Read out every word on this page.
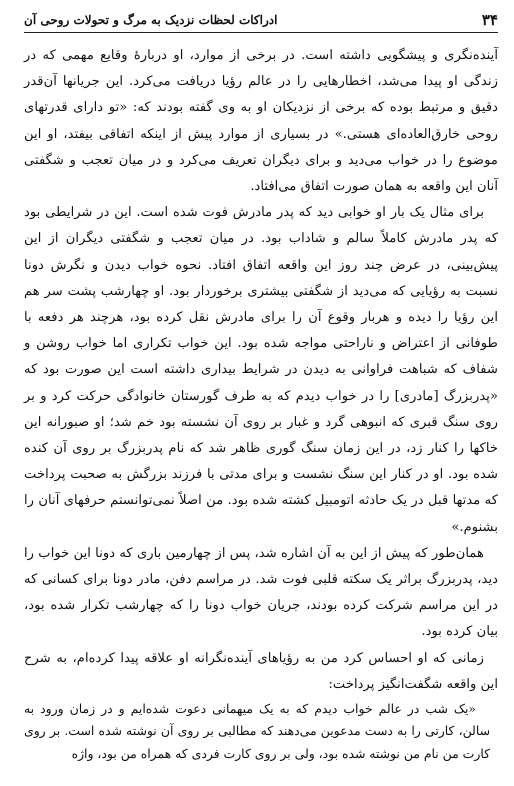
۳۴
ادراکات لحظات نزدیک به مرگ و تحولات روحی آن

آینده‌نگری و پیشگویی داشته است. در برخی از موارد، او دربارهٔ وقایع مهمی که در زندگی او پیدا می‌شد، اخطارهایی را در عالم رؤیا دریافت می‌کرد. این جریانها آن‌قدر دقیق و مرتبط بوده که برخی از نزدیکان او به وی گفته بودند که: «تو دارای قدرتهای روحی خارق‌العاده‌ای هستی.» در بسیاری از موارد پیش از اینکه اتفاقی بیفتد، او این موضوع را در خواب می‌دید و برای دیگران تعریف می‌کرد و در میان تعجب و شگفتی آنان این واقعه به همان صورت اتفاق می‌افتاد.

برای مثال یک بار او خوابی دید که پدر مادرش فوت شده است. این در شرایطی بود که پدر مادرش کاملاً سالم و شاداب بود. در میان تعجب و شگفتی دیگران از این پیش‌بینی، در عرض چند روز این واقعه اتفاق افتاد. نحوه خواب دیدن و نگرش دونا نسبت به رؤیایی که می‌دید از شگفتی بیشتری برخوردار بود. او چهارشب پشت سر هم این رؤیا را دیده و هربار وقوع آن را برای مادرش نقل کرده بود، هرچند هر دفعه با طوفانی از اعتراض و ناراحتی مواجه شده بود. این خواب تکراری اما خواب روشن و شفاف که شباهت فراوانی به دیدن در شرایط بیداری داشته است این صورت بود که «پدربزرگ [مادری] را در خواب دیدم که به طرف گورستان خانوادگی حرکت کرد و بر روی سنگ قبری که انبوهی گرد و غبار بر روی آن نشسته بود خم شد؛ او صبورانه این خاکها را کنار زد، در این زمان سنگ گوری ظاهر شد که نام پدربزرگ بر روی آن کنده شده بود. او در کنار این سنگ نشست و برای مدتی با فرزند بزرگش به صحبت پرداخت که مدتها قبل در یک حادثه اتومبیل کشته شده بود. من اصلاً نمی‌توانستم حرفهای آنان را بشنوم.»

همان‌طور که پیش از این به آن اشاره شد، پس از چهارمین باری که دونا این خواب را دید، پدربزرگ براثر یک سکته قلبی فوت شد. در مراسم دفن، مادر دونا برای کسانی که در این مراسم شرکت کرده بودند، جریان خواب دونا را که چهارشب تکرار شده بود، بیان کرده بود.

زمانی که او احساس کرد من به رؤیاهای آینده‌نگرانه او علاقه پیدا کرده‌ام، به شرح این واقعه شگفت‌انگیز پرداخت:

«یک شب در عالم خواب دیدم که به یک میهمانی دعوت شده‌ایم و در زمان ورود به سالن، کارتی را به دست مدعوین می‌دهند که مطالبی بر روی آن نوشته شده است. بر روی کارت من نام من نوشته شده بود، ولی بر روی کارت فردی که همراه من بود، واژه
